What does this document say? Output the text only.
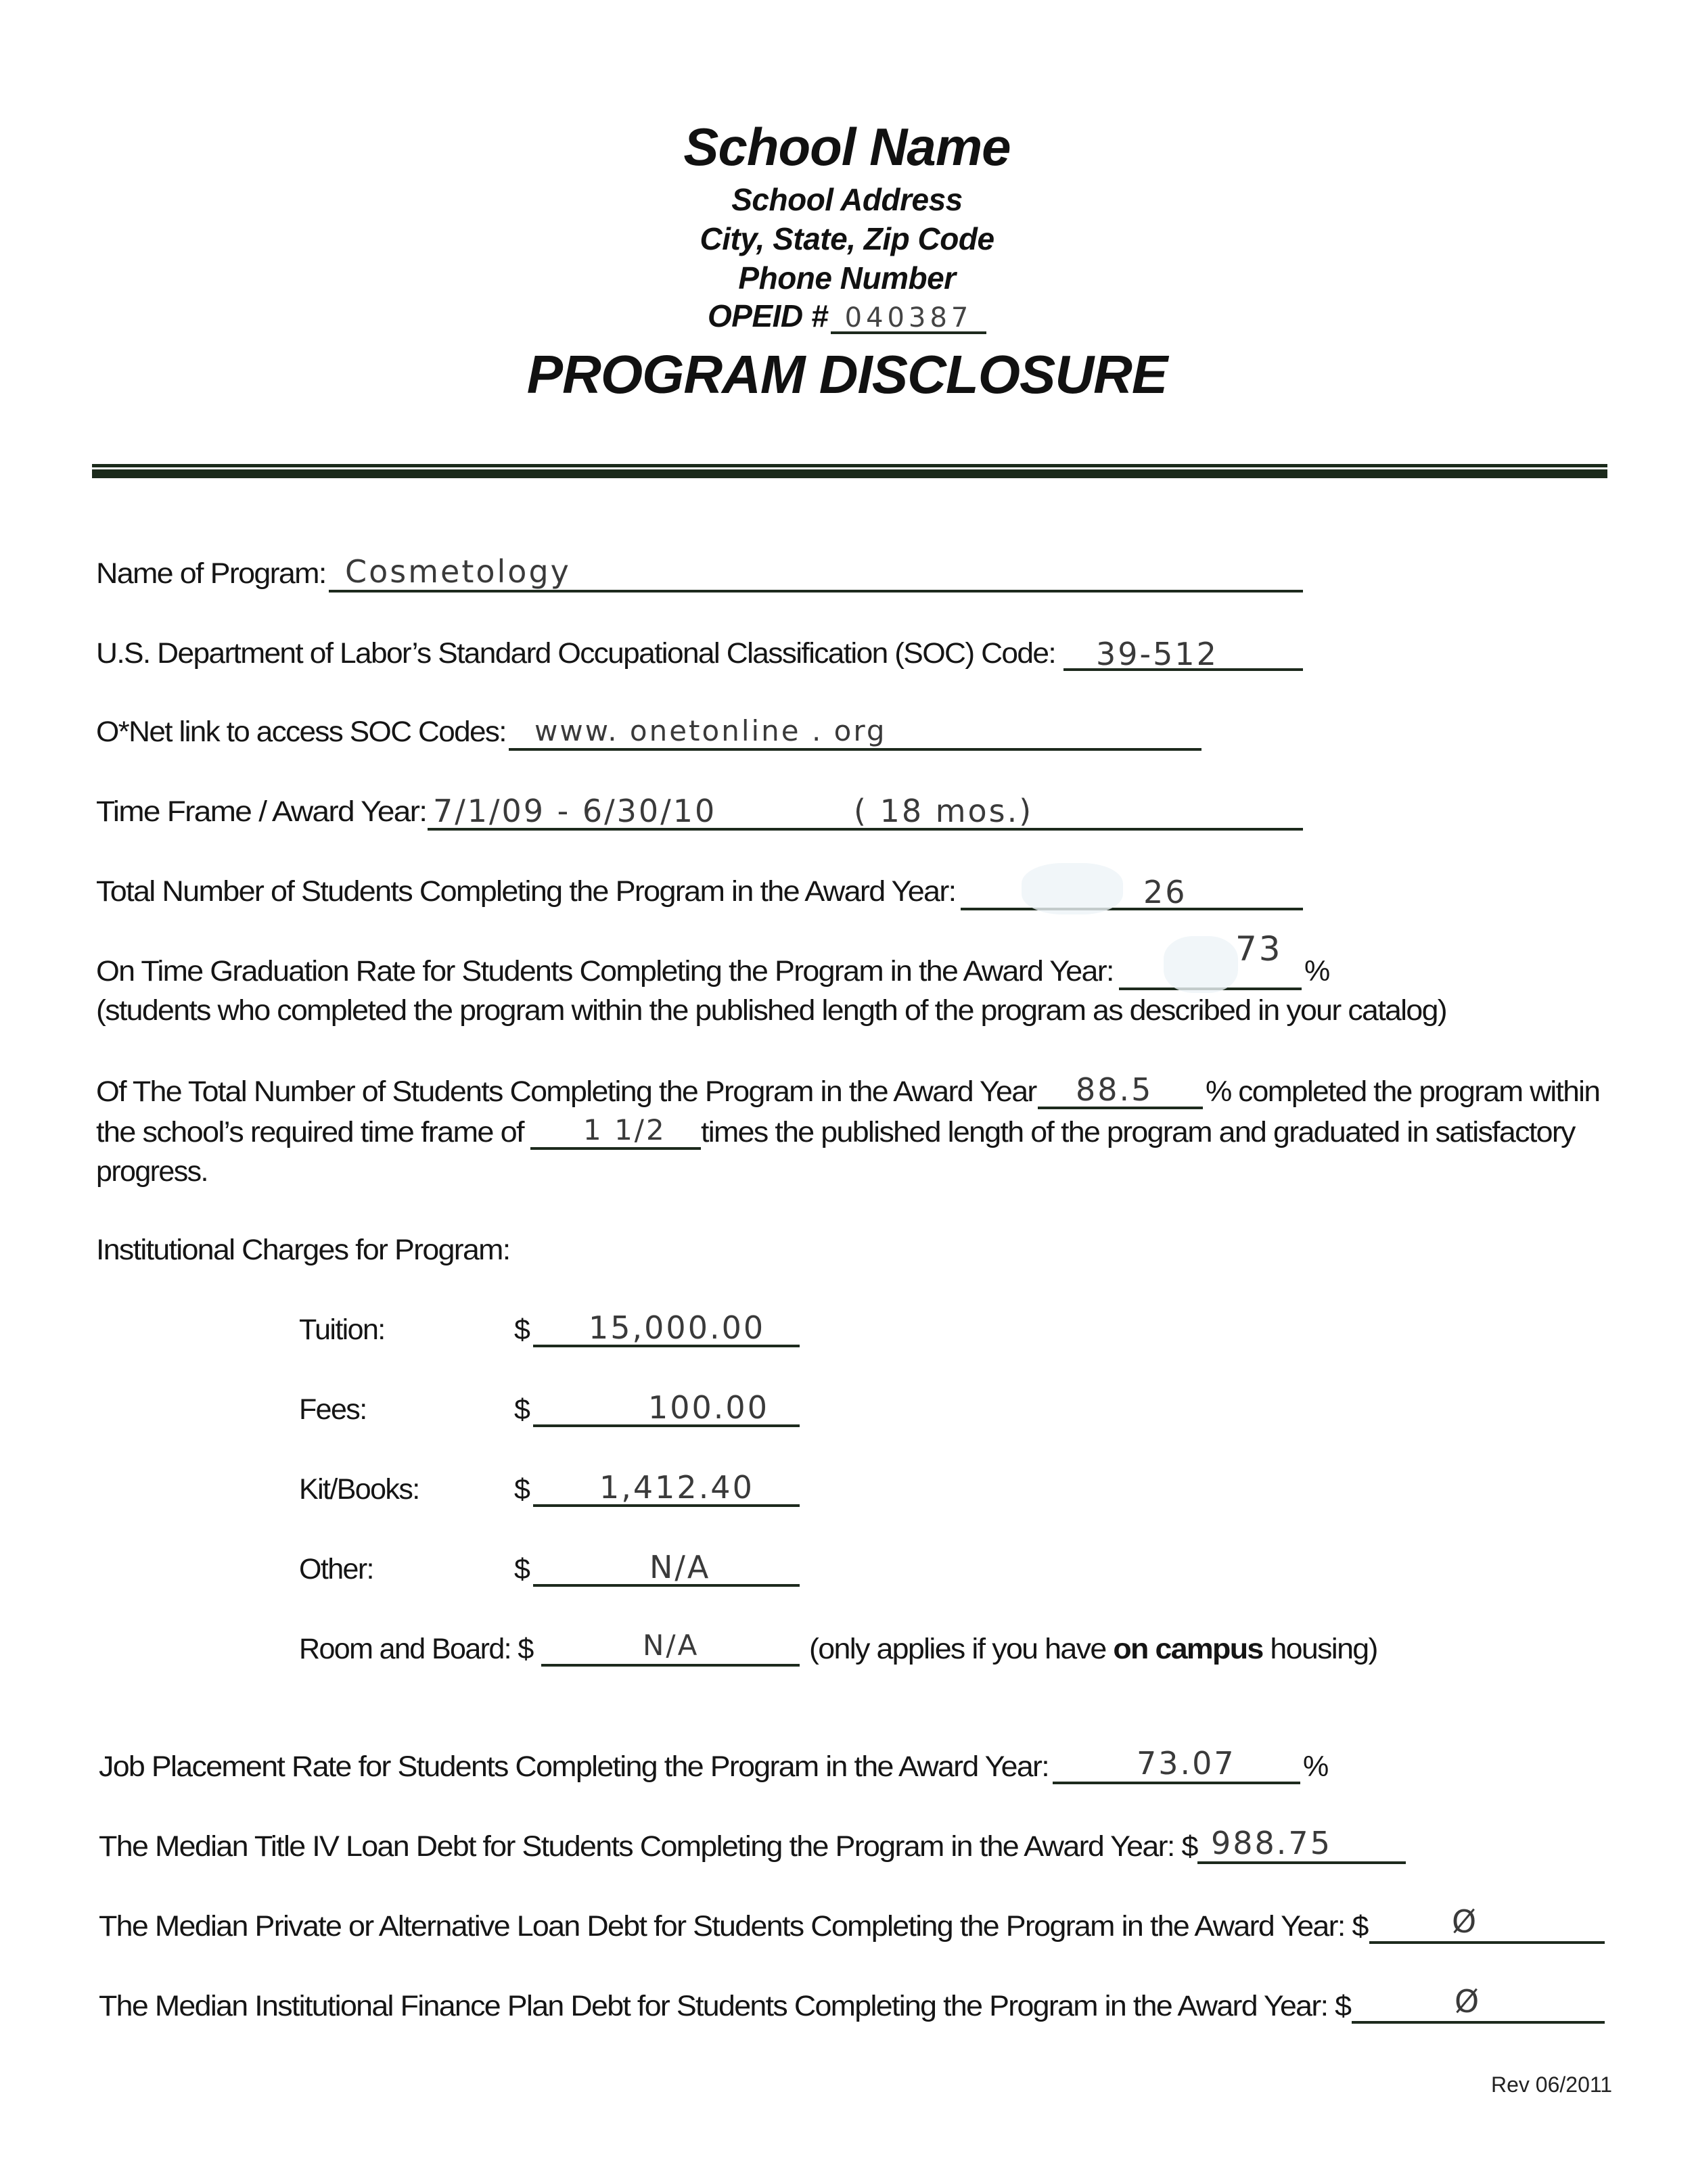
School Name
School Address
City, State, Zip Code
Phone Number
OPEID # 040387
PROGRAM DISCLOSURE
Name of Program: Cosmetology
U.S. Department of Labor’s Standard Occupational Classification (SOC) Code: 39-512
O*Net link to access SOC Codes: www. onetonline . org
Time Frame / Award Year: 7/1/09 - 6/30/10	( 18 mos.)
Total Number of Students Completing the Program in the Award Year:	26
On Time Graduation Rate for Students Completing the Program in the Award Year:
73
%
(students who completed the program within the published length of the program as described in your catalog)
Of The Total Number of Students Completing the Program in the Award Year 88.5 % completed the program within
the school’s required time frame of 1 1/2 times the published length of the program and graduated in satisfactory
progress.
Institutional Charges for Program:
Tuition:	$ 15,000.00
Fees:	$	100.00
Kit/Books:	$ 1,412.40
Other:	$	N/A
Room and Board: $	N/A	(only applies if you have on campus housing)
Job Placement Rate for Students Completing the Program in the Award Year:	73.07 %
The Median Title IV Loan Debt for Students Completing the Program in the Award Year: $ 988.75
The Median Private or Alternative Loan Debt for Students Completing the Program in the Award Year: $	Ø
The Median Institutional Finance Plan Debt for Students Completing the Program in the Award Year: $	Ø
Rev 06/2011
